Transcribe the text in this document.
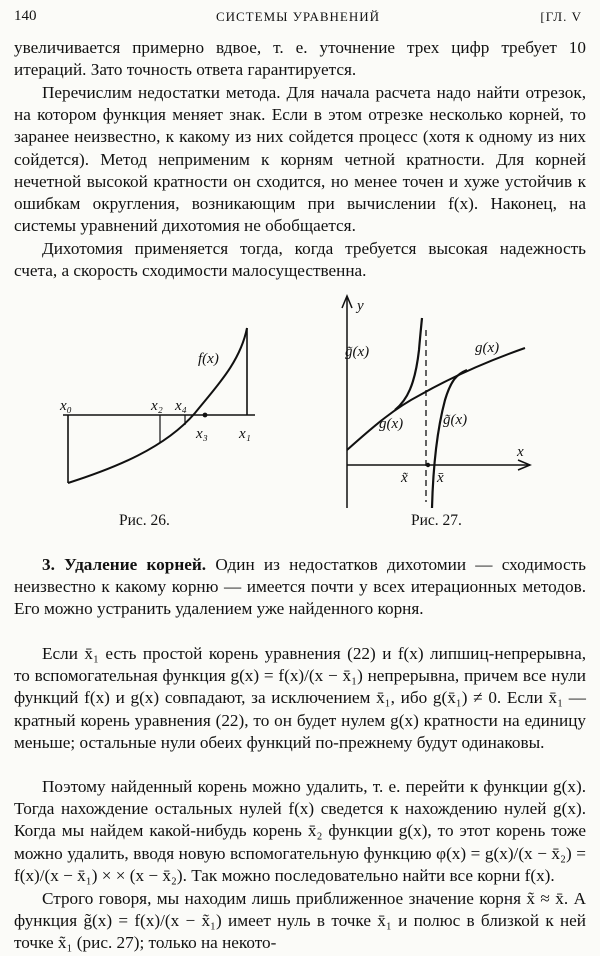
140	СИСТЕМЫ УРАВНЕНИЙ	[ГЛ. V

увеличивается примерно вдвое, т. е. уточнение трех цифр требует 10 итераций. Зато точность ответа гарантируется.

Перечислим недостатки метода. Для начала расчета надо найти отрезок, на котором функция меняет знак. Если в этом отрезке несколько корней, то заранее неизвестно, к какому из них сойдется процесс (хотя к одному из них сойдется). Метод неприменим к корням четной кратности. Для корней нечетной высокой кратности он сходится, но менее точен и хуже устойчив к ошибкам округления, возникающим при вычислении f(x). Наконец, на системы уравнений дихотомия не обобщается.

Дихотомия применяется тогда, когда требуется высокая надежность счета, а скорость сходимости малосущественна.

f(x)
x₀	x₂ x₄
x₃ x₁
Рис. 26.
y
x
g̃(x)	g(x)
g(x)	g̃(x)
x̃ x̄
Рис. 27.

3. Удаление корней. Один из недостатков дихотомии — сходимость неизвестно к какому корню — имеется почти у всех итерационных методов. Его можно устранить удалением уже найденного корня.

Если x̄₁ есть простой корень уравнения (22) и f(x) липшиц-непрерывна, то вспомогательная функция g(x) = f(x)/(x − x̄₁) непрерывна, причем все нули функций f(x) и g(x) совпадают, за исключением x̄₁, ибо g(x̄₁) ≠ 0. Если x̄₁ — кратный корень уравнения (22), то он будет нулем g(x) кратности на единицу меньше; остальные нули обеих функций по-прежнему будут одинаковы.

Поэтому найденный корень можно удалить, т. е. перейти к функции g(x). Тогда нахождение остальных нулей f(x) сведется к нахождению нулей g(x). Когда мы найдем какой-нибудь корень x̄₂ функции g(x), то этот корень тоже можно удалить, вводя новую вспомогательную функцию φ(x) = g(x)/(x − x̄₂) = f(x)/(x − x̄₁) × × (x − x̄₂). Так можно последовательно найти все корни f(x).

Строго говоря, мы находим лишь приближенное значение корня x̃ ≈ x̄. А функция g̃(x) = f(x)/(x − x̃₁) имеет нуль в точке x̄₁ и полюс в близкой к ней точке x̃₁ (рис. 27); только на некото-
